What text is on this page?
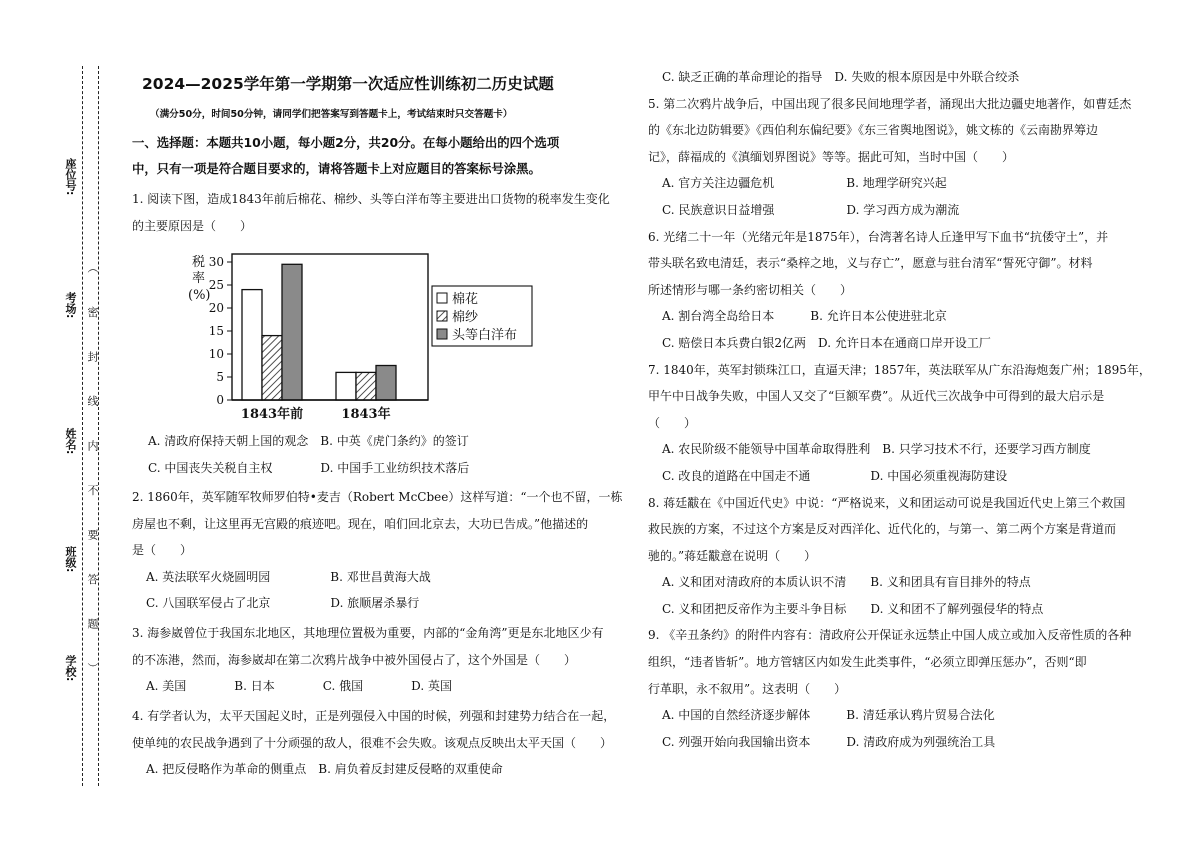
座位号:
考场:
姓名:
班级:
学校: （ 密 封 线 内 不 要 答 题 ）
2024—2025学年第一学期第一次适应性训练初二历史试题
（满分50分，时间50分钟，请同学们把答案写到答题卡上，考试结束时只交答题卡）
一、选择题：本题共10小题，每小题2分，共20分。在每小题给出的四个选项
中，只有一项是符合题目要求的，请将答题卡上对应题目的答案标号涂黑。
1. 阅读下图，造成1843年前后棉花、棉纱、头等白洋布等主要进出口货物的税率发生变化
的主要原因是（　　）
0
5
10
15
20
25
30
税
率
(%)
1843年前	1843年
棉花
棉纱
头等白洋布
A. 清政府保持天朝上国的观念　B. 中英《虎门条约》的签订
C. 中国丧失关税自主权　　　　D. 中国手工业纺织技术落后
2. 1860年，英军随军牧师罗伯特•麦吉（Robert McCbee）这样写道：“一个也不留，一栋
房屋也不剩，让这里再无宫殿的痕迹吧。现在，咱们回北京去，大功已告成。”他描述的
是（　　）
A. 英法联军火烧圆明园　　　　　B. 邓世昌黄海大战
C. 八国联军侵占了北京　　　　　D. 旅顺屠杀暴行
3. 海参崴曾位于我国东北地区，其地理位置极为重要，内部的“金角湾”更是东北地区少有
的不冻港，然而，海参崴却在第二次鸦片战争中被外国侵占了，这个外国是（　　）
A. 美国　　　　B. 日本　　　　C. 俄国　　　　D. 英国
4. 有学者认为，太平天国起义时，正是列强侵入中国的时候，列强和封建势力结合在一起，
使单纯的农民战争遇到了十分顽强的敌人，很难不会失败。该观点反映出太平天国（　　）
A. 把反侵略作为革命的侧重点　B. 肩负着反封建反侵略的双重使命
C. 缺乏正确的革命理论的指导　D. 失败的根本原因是中外联合绞杀
5. 第二次鸦片战争后，中国出现了很多民间地理学者，涌现出大批边疆史地著作，如曹廷杰
的《东北边防辑要》《西伯利东偏纪要》《东三省舆地图说》，姚文栋的《云南勘界筹边
记》，薛福成的《滇缅划界图说》等等。据此可知，当时中国（　　）
A. 官方关注边疆危机　　　　　　B. 地理学研究兴起
C. 民族意识日益增强　　　　　　D. 学习西方成为潮流
6. 光绪二十一年（光绪元年是1875年），台湾著名诗人丘逢甲写下血书“抗倭守土”，并
带头联名致电清廷，表示“桑梓之地，义与存亡”，愿意与驻台清军“誓死守御”。材料
所述情形与哪一条约密切相关（　　）
A. 割台湾全岛给日本　　　B. 允许日本公使进驻北京
C. 赔偿日本兵费白银2亿两　D. 允许日本在通商口岸开设工厂
7. 1840年，英军封锁珠江口，直逼天津；1857年，英法联军从广东沿海炮轰广州；1895年，
甲午中日战争失败，中国人又交了“巨额军费”。从近代三次战争中可得到的最大启示是
（　　）
A. 农民阶级不能领导中国革命取得胜利　B. 只学习技术不行，还要学习西方制度
C. 改良的道路在中国走不通　　　　　D. 中国必须重视海防建设
8. 蒋廷黻在《中国近代史》中说：“严格说来，义和团运动可说是我国近代史上第三个救国
救民族的方案，不过这个方案是反对西洋化、近代化的，与第一、第二两个方案是背道而
驰的。”蒋廷黻意在说明（　　）
A. 义和团对清政府的本质认识不清　　B. 义和团具有盲目排外的特点
C. 义和团把反帝作为主要斗争目标　　D. 义和团不了解列强侵华的特点
9. 《辛丑条约》的附件内容有：清政府公开保证永远禁止中国人成立或加入反帝性质的各种
组织，“违者皆斩”。地方管辖区内如发生此类事件，“必须立即弹压惩办”，否则“即
行革职，永不叙用”。这表明（　　）
A. 中国的自然经济逐步解体　　　B. 清廷承认鸦片贸易合法化
C. 列强开始向我国输出资本　　　D. 清政府成为列强统治工具
